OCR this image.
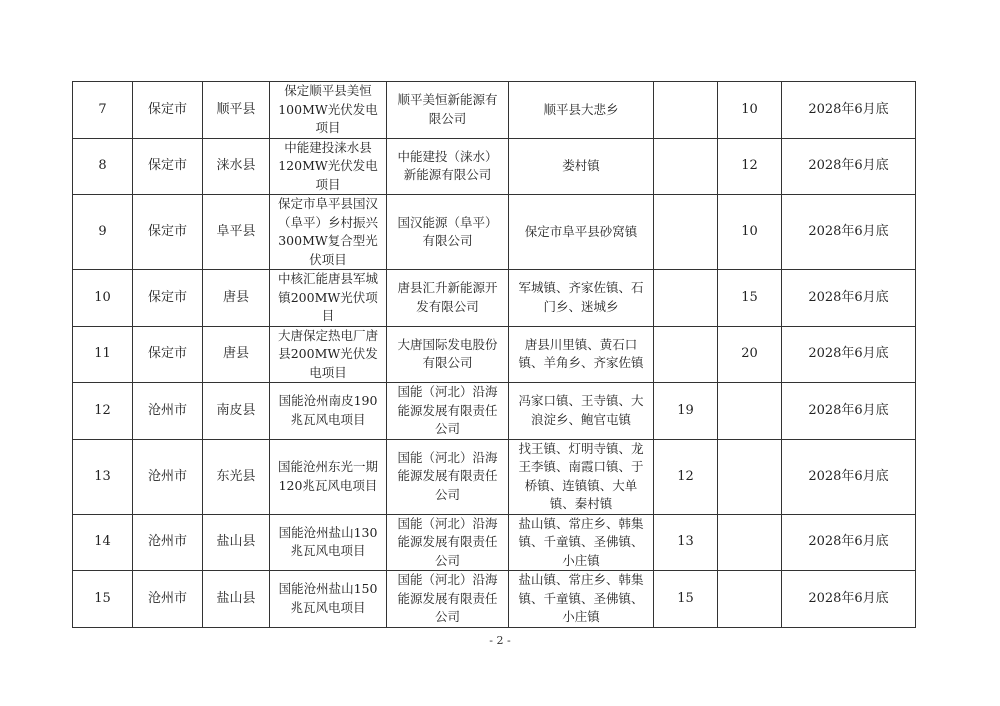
7	保定市	顺平县	保定顺平县美恒100MW光伏发电项目	顺平美恒新能源有限公司	顺平县大悲乡		10	2028年6月底
8	保定市	涞水县	中能建投涞水县120MW光伏发电项目	中能建投（涞水）新能源有限公司	娄村镇		12	2028年6月底
9	保定市	阜平县	保定市阜平县国汉（阜平）乡村振兴300MW复合型光伏项目	国汉能源（阜平）有限公司	保定市阜平县砂窝镇		10	2028年6月底
10	保定市	唐县	中核汇能唐县军城镇200MW光伏项目	唐县汇升新能源开发有限公司	军城镇、齐家佐镇、石门乡、迷城乡		15	2028年6月底
11	保定市	唐县	大唐保定热电厂唐县200MW光伏发电项目	大唐国际发电股份有限公司	唐县川里镇、黄石口镇、羊角乡、齐家佐镇		20	2028年6月底
12	沧州市	南皮县	国能沧州南皮190兆瓦风电项目	国能（河北）沿海能源发展有限责任公司	冯家口镇、王寺镇、大浪淀乡、鲍官屯镇	19		2028年6月底
13	沧州市	东光县	国能沧州东光一期120兆瓦风电项目	国能（河北）沿海能源发展有限责任公司	找王镇、灯明寺镇、龙王李镇、南霞口镇、于桥镇、连镇镇、大单镇、秦村镇	12		2028年6月底
14	沧州市	盐山县	国能沧州盐山130兆瓦风电项目	国能（河北）沿海能源发展有限责任公司	盐山镇、常庄乡、韩集镇、千童镇、圣佛镇、小庄镇	13		2028年6月底
15	沧州市	盐山县	国能沧州盐山150兆瓦风电项目	国能（河北）沿海能源发展有限责任公司	盐山镇、常庄乡、韩集镇、千童镇、圣佛镇、小庄镇	15		2028年6月底
- 2 -
